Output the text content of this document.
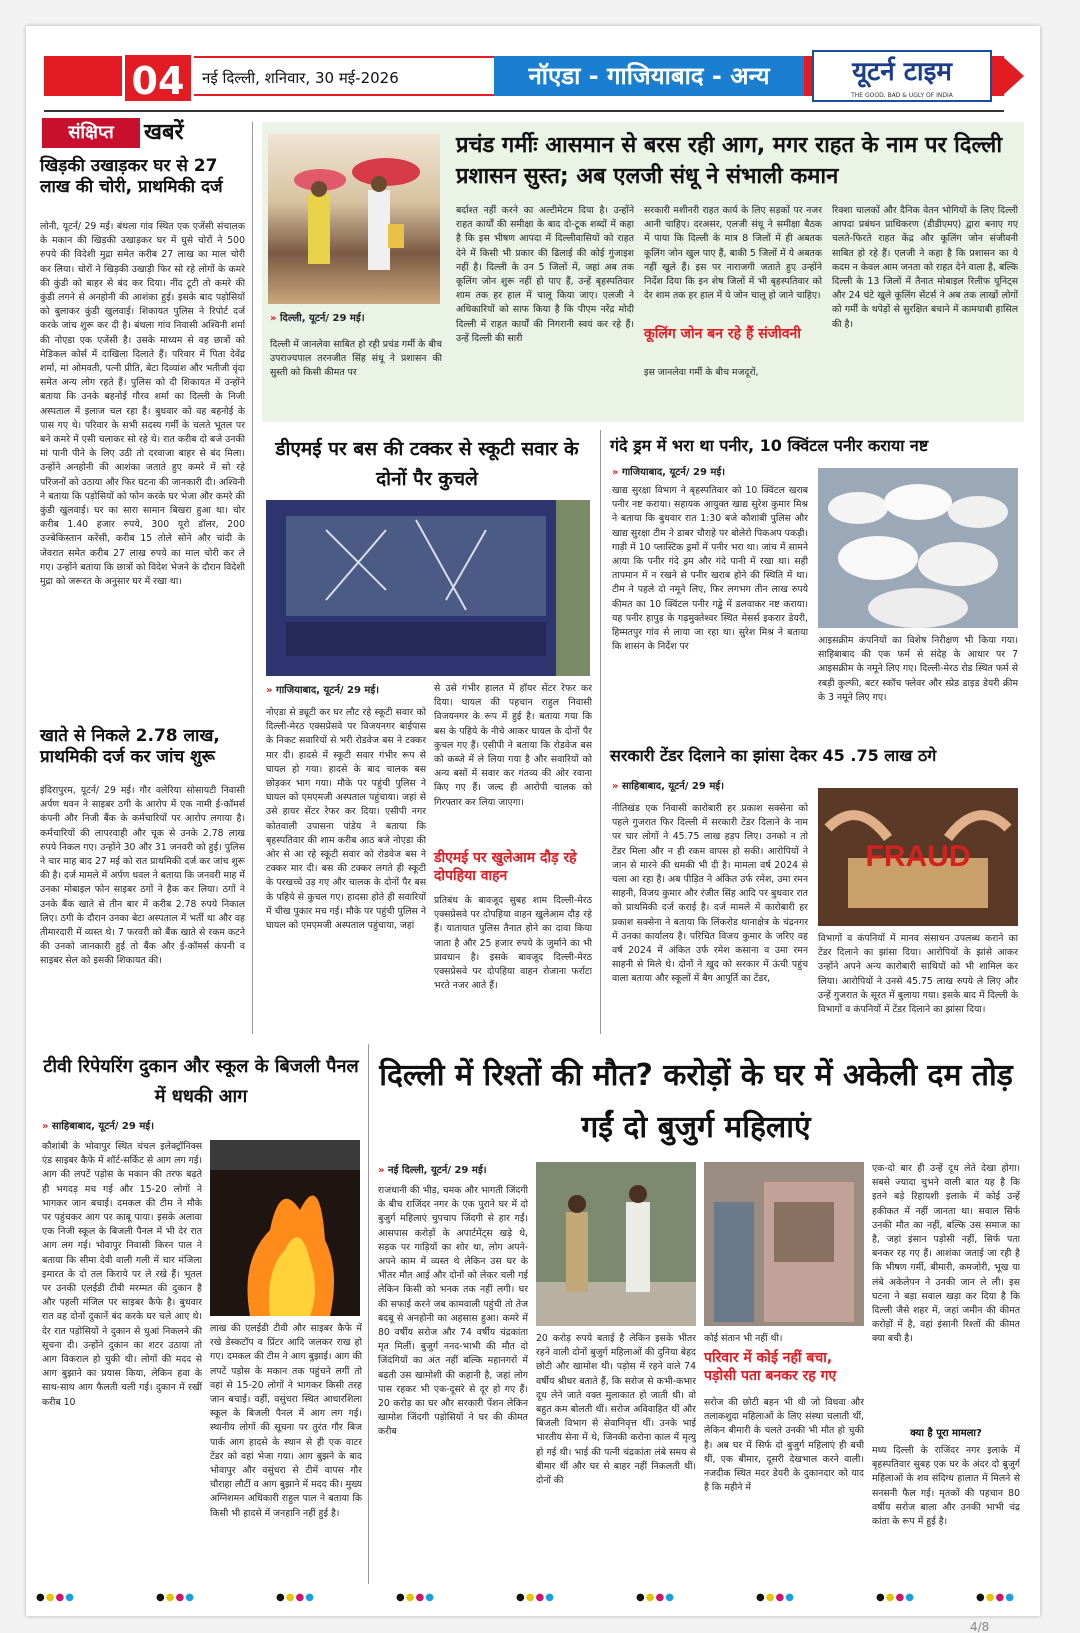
04	नई दिल्ली, शनिवार, 30 मई-2026	नॉएडा - गाजियाबाद - अन्य	यूटर्न टाइम
THE GOOD, BAD & UGLY OF INDIA
संक्षिप्त	खबरें
खिड़की उखाड़कर घर से 27 लाख की चोरी, प्राथमिकी दर्ज
लोनी, यूटर्न/ 29 मई। बंथला गांव स्थित एक एजेंसी संचालक के मकान की खिड़की उखाड़कर घर में घुसे चोरों ने 500 रुपये की विदेशी मुद्रा समेत करीब 27 लाख का माल चोरी कर लिया। चोरों ने खिड़की उखाड़ी फिर सो रहे लोगों के कमरे की कुंडी को बाहर से बंद कर दिया। नींद टूटी तो कमरे की कुंडी लगने से अनहोनी की आशंका हुई। इसके बाद पड़ोसियों को बुलाकर कुंडी खुलवाई। शिकायत पुलिस ने रिपोर्ट दर्ज करके जांच शुरू कर दी है। बंथला गांव निवासी अश्विनी शर्मा की नोएडा एक एजेंसी है। उसके माध्यम से वह छात्रों को मेडिकल कोर्स में दाखिला दिलाते हैं। परिवार में पिता देवेंद्र शर्मा, मां ओमवती, पत्नी प्रीति, बेटा दिव्यांश और भतीजी वृंदा समेत अन्य लोग रहते हैं। पुलिस को दी शिकायत में उन्होंने बताया कि उनके बहनोई गौरव शर्मा का दिल्ली के निजी अस्पताल में इलाज चल रहा है। बुधवार को वह बहनोई के पास गए थे। परिवार के सभी सदस्य गर्मी के चलते भूतल पर बने कमरे में एसी चलाकर सो रहे थे। रात करीब दो बजे उनकी मां पानी पीने के लिए उठी तो दरवाजा बाहर से बंद मिला। उन्होंने अनहोनी की आशंका जताते हुए कमरे में सो रहे परिजनों को उठाया और फिर घटना की जानकारी दी। अश्विनी ने बताया कि पड़ोसियों को फोन करके घर भेजा और कमरे की कुंडी खुलवाई। घर का सारा सामान बिखरा हुआ था। चोर करीब 1.40 हजार रुपये, 300 यूरो डॉलर, 200 उज्बेकिस्तान करेंसी, करीब 15 तोले सोने और चांदी के जेवरात समेत करीब 27 लाख रुपये का माल चोरी कर ले गए। उन्होंने बताया कि छात्रों को विदेश भेजने के दौरान विदेशी मुद्रा को जरूरत के अनुसार घर में रखा था।
खाते से निकले 2.78 लाख, प्राथमिकी दर्ज कर जांच शुरू
इंदिरापुरम, यूटर्न/ 29 मई। गौर वलेरिया सोसायटी निवासी अर्पण धवन ने साइबर ठगी के आरोप में एक नामी ई-कॉमर्स कंपनी और निजी बैंक के कर्मचारियों पर आरोप लगाया है। कर्मचारियों की लापरवाही और चूक से उनके 2.78 लाख रुपये निकल गए। उन्होंने 30 और 31 जनवरी को हुई। पुलिस ने चार माह बाद 27 मई को रात प्राथमिकी दर्ज कर जांच शुरू की है। दर्ज मामले में अर्पण धवल ने बताया कि जनवरी माह में उनका मोबाइल फोन साइबर ठगों ने हैक कर लिया। ठगों ने उनके बैंक खाते से तीन बार में करीब 2.78 रुपये निकाल लिए। ठगी के दौरान उनका बेटा अस्पताल में भर्ती था और वह तीमारदारी में व्यस्त थे। 7 फरवरी को बैंक खाते से रकम कटने की उनको जानकारी हुई तो बैंक और ई-कॉमर्स कंपनी व साइबर सेल को इसकी शिकायत की।
» दिल्ली, यूटर्न/ 29 मई।
दिल्ली में जानलेवा साबित हो रही प्रचंड गर्मी के बीच उपराज्यपाल तरनजीत सिंह संधू ने प्रशासन की सुस्ती को किसी कीमत पर
प्रचंड गर्मीः आसमान से बरस रही आग, मगर राहत के नाम पर दिल्ली प्रशासन सुस्त; अब एलजी संधू ने संभाली कमान
बर्दाश्त नहीं करने का अल्टीमेटम दिया है। उन्होंने राहत कार्यों की समीक्षा के बाद दो-टूक शब्दों में कहा है कि इस भीषण आपदा में दिल्लीवासियों को राहत देने में किसी भी प्रकार की ढिलाई की कोई गुंजाइश नहीं है। दिल्ली के उन 5 जिलों में, जहां अब तक कूलिंग जोन शुरू नहीं हो पाए हैं, उन्हें बृहस्पतिवार शाम तक हर हाल में चालू किया जाए। एलजी ने अधिकारियों को साफ किया है कि पीएम नरेंद्र मोदी दिल्ली में राहत कार्यों की निगरानी स्वयं कर रहे हैं। उन्हें दिल्ली की सारी
सरकारी मशीनरी राहत कार्य के लिए सड़कों पर नजर आनी चाहिए। दरअसर, एलजी संधू ने समीक्षा बैठक में पाया कि दिल्ली के मात्र 8 जिलों में ही अबतक कूलिंग जोन खुल पाए हैं, बाकी 5 जिलों में ये अबतक नहीं खुले हैं। इस पर नाराजगी जताते हुए उन्होंने निर्देश दिया कि इन शेष जिलों में भी बृहस्पतिवार को देर शाम तक हर हाल में ये जोन चालू हो जाने चाहिए।
कूलिंग जोन बन रहे हैं संजीवनी
इस जानलेवा गर्मी के बीच मजदूरों,
रिक्शा चालकों और दैनिक वेतन भोगियों के लिए दिल्ली आपदा प्रबंधन प्राधिकरण (डीडीएमए) द्वारा बनाए गए चलते-फिरते राहत केंद्र और कूलिंग जोन संजीवनी साबित हो रहे हैं। एलजी ने कहा है कि प्रशासन का ये कदम न केवल आम जनता को राहत देने वाला है, बल्कि दिल्ली के 13 जिलों में तैनात मोबाइल रिलीफ यूनिट्स और 24 घंटे खुले कूलिंग सेंटर्स ने अब तक लाखों लोगों को गर्मी के थपेड़ों से सुरक्षित बचाने में कामयाबी हासिल की है।
डीएमई पर बस की टक्कर से स्कूटी सवार के दोनों पैर कुचले
» गाजियाबाद, यूटर्न/ 29 मई।
नोएडा से ड्यूटी कर घर लौट रहे स्कूटी सवार को दिल्ली-मेरठ एक्सप्रेसवे पर विजयनगर बाईपास के निकट सवारियों से भरी रोडवेज बस ने टक्कर मार दी। हादसे में स्कूटी सवार गंभीर रूप से घायल हो गया। हादसे के बाद चालक बस छोड़कर भाग गया। मौके पर पहुंची पुलिस ने घायल को एमएमजी अस्पताल पहुंचाया। जहां से उसे हायर सेंटर रेफर कर दिया। एसीपी नगर कोतवाली उपासना पांडेय ने बताया कि बृहस्पतिवार की शाम करीब आठ बजे नोएडा की ओर से आ रहे स्कूटी सवार को रोडवेज बस ने टक्कर मार दी। बस की टक्कर लगते ही स्कूटी के परखच्चे उड़ गए और चालक के दोनों पैर बस के पहिये से कुचल गए। हादसा होते ही सवारियों में चीख पुकार मच गई। मौके पर पहुंची पुलिस ने घायल को एमएमजी अस्पताल पहुंचाया, जहां
से उसे गंभीर हालत में हॉयर सेंटर रेफर कर दिया। घायल की पहचान राहुल निवासी विजयनगर के रूप में हुई है। बताया गया कि बस के पहिये के नीचे आकर घायल के दोनों पैर कुचल गए हैं। एसीपी ने बताया कि रोडवेज बस को कब्जे में ले लिया गया है और सवारियों को अन्य बसों में सवार कर गंतव्य की ओर रवाना किए गए हैं। जल्द ही आरोपी चालक को गिरफ्तार कर लिया जाएगा।
डीएमई पर खुलेआम दौड़ रहे दोपहिया वाहन
प्रतिबंध के बावजूद सुबह शाम दिल्ली-मेरठ एक्सप्रेसवे पर दोपहिया वाहन खुलेआम दौड़ रहे हैं। यातायात पुलिस तैनात होने का दावा किया जाता है और 25 हजार रुपये के जुर्माने का भी प्रावधान है। इसके बावजूद दिल्ली-मेरठ एक्सप्रेसवे पर दोपहिया वाहन रोजाना फर्राटा भरते नजर आते हैं।
गंदे ड्रम में भरा था पनीर, 10 क्विंटल पनीर कराया नष्ट
» गाजियाबाद, यूटर्न/ 29 मई।
खाद्य सुरक्षा विभाग ने बृहस्पतिवार को 10 क्विंटल खराब पनीर नष्ट कराया। सहायक आयुक्त खाद्य सुरेश कुमार मिश्र ने बताया कि बुधवार रात 1:30 बजे कौशांबी पुलिस और खाद्य सुरक्षा टीम ने डाबर चौराहे पर बोलेरो पिकअप पकड़ी। गाड़ी में 10 प्लास्टिक ड्रमों में पनीर भरा था। जांच में सामने आया कि पनीर गंदे ड्रम और गंदे पानी में रखा था। सही तापमान में न रखने से पनीर खराब होने की स्थिति में था। टीम ने पहले दो नमूने लिए, फिर लगभग तीन लाख रुपये कीमत का 10 क्विंटल पनीर गड्ढे में डलवाकर नष्ट कराया। यह पनीर हापुड़ के गढ़मुक्तेश्वर स्थित मेसर्स इकरार डेयरी, हिम्मतपुर गांव से लाया जा रहा था। सुरेश मिश्र ने बताया कि शासन के निर्देश पर
आइसक्रीम कंपनियों का विशेष निरीक्षण भी किया गया। साहिबाबाद की एक फर्म से संदेह के आधार पर 7 आइसक्रीम के नमूने लिए गए। दिल्ली-मेरठ रोड स्थित फर्म से रबड़ी कुल्फी, बटर स्कॉच फ्लेवर और स्प्रेड डाइड डेयरी क्रीम के 3 नमूने लिए गए।
सरकारी टेंडर दिलाने का झांसा देकर 45 .75 लाख ठगे
» साहिबाबाद, यूटर्न/ 29 मई।
नीतिखंड एक निवासी कारोबारी हर प्रकाश सक्सेना को पहले गुजरात फिर दिल्ली में सरकारी टेंडर दिलाने के नाम पर चार लोगों ने 45.75 लाख हड़प लिए। उनको न तो टेंडर मिला और न ही रकम वापस हो सकी। आरोपियों ने जान से मारने की धमकी भी दी है। मामला वर्ष 2024 से चला आ रहा है। अब पीड़ित ने अंकित उर्फ रमेश, उमा रमन साहनी, विजय कुमार और रंजीत सिंह आदि पर बुधवार रात को प्राथमिकी दर्ज कराई है। दर्ज मामले में कारोबारी हर प्रकाश सक्सेना ने बताया कि लिंकरोड थानाक्षेत्र के चंद्रनगर में उनका कार्यालय है। परिचित विजय कुमार के जरिए वह वर्ष 2024 में अंकित उर्फ रमेश कसाना व उमा रमन साहनी से मिले थे। दोनों ने खुद को सरकार में ऊंची पहुंच वाला बताया और स्कूलों में बैग आपूर्ति का टेंडर,
FRAUD
विभागों व कंपनियों में मानव संसाधन उपलब्ध कराने का टेंडर दिलाने का झांसा दिया। आरोपियों के झांसे आकर उन्होंने अपने अन्य कारोबारी साथियों को भी शामिल कर लिया। आरोपियों ने उनसे 45.75 लाख रुपये ले लिए और उन्हें गुजरात के सूरत में बुलाया गया। इसके बाद में दिल्ली के विभागों व कंपनियों में टेंडर दिलाने का झांसा दिया।
टीवी रिपेयरिंग दुकान और स्कूल के बिजली पैनल में धधकी आग
» साहिबाबाद, यूटर्न/ 29 मई।
कौशांबी के भोवापुर स्थित चंचल इलेक्ट्रॉनिक्स एंड साइबर कैफे में शॉर्ट-सर्किट से आग लग गई। आग की लपटें पड़ोस के मकान की तरफ बढ़ते ही भगदड़ मच गई और 15-20 लोगों ने भागकर जान बचाई। दमकल की टीम ने मौके पर पहुंचकर आग पर काबू पाया। इसके अलावा एक निजी स्कूल के बिजली पैनल में भी देर रात आग लग गई। भोवापुर निवासी किरन पाल ने बताया कि सीमा देवी वाली गली में चार मंजिला इमारत के दो तल किराये पर ले रखे हैं। भूतल पर उनकी एलईडी टीवी मरम्मत की दुकान है और पहली मंजिल पर साइबर कैफे है। बुधवार रात वह दोनों दुकानें बंद करके घर चले आए थे। देर रात पड़ोसियों ने दुकान से धुआं निकलने की सूचना दी। उन्होंने दुकान का शटर उठाया तो आग विकराल हो चुकी थी। लोगों की मदद से आग बुझाने का प्रयास किया, लेकिन हवा के साथ-साथ आग फैलती चली गई। दुकान में रखीं करीब 10
लाख की एलईडी टीवी और साइबर कैफे में रखे डेस्कटॉप व प्रिंटर आदि जलकर राख हो गए। दमकल की टीम ने आग बुझाई। आग की लपटें पड़ोस के मकान तक पहुंचने लगीं तो वहां से 15-20 लोगों ने भागकर किसी तरह जान बचाई। वहीं, वसुंधरा स्थित आधारशिला स्कूल के बिजली पैनल में आग लग गई। स्थानीय लोगों की सूचना पर तुरंत गौर बिज पार्क आग हादसे के स्थान से ही एक वाटर टेंडर को वहां भेजा गया। आग बुझने के बाद भोवापुर और वसुंधरा से टीमें वापस गौर चौराहा लौटीं व आग बुझाने में मदद की। मुख्य अग्निशमन अधिकारी राहुल पाल ने बताया कि किसी भी हादसे में जनहानि नहीं हुई है।
दिल्ली में रिश्तों की मौत? करोड़ों के घर में अकेली दम तोड़ गईं दो बुजुर्ग महिलाएं
» नई दिल्ली, यूटर्न/ 29 मई।
राजधानी की भीड़, चमक और भागती जिंदगी के बीच राजिंदर नगर के एक पुराने घर में दो बुजुर्ग महिलाएं चुपचाप जिंदगी से हार गईं। आसपास करोड़ों के अपार्टमेंट्स खड़े थे, सड़क पर गाड़ियों का शोर था, लोग अपने-अपने काम में व्यस्त थे लेकिन उस घर के भीतर मौत आई और दोनों को लेकर चली गई लेकिन किसी को भनक तक नहीं लगी। घर की सफाई करने जब कामवाली पहुंची तो तेज बदबू से अनहोनी का अहसास हुआ। कमरे में 80 वर्षीय सरोज और 74 वर्षीय चंद्रकांता मृत मिलीं। बुजुर्ग ननद-भाभी की मौत दो जिंदगियों का अंत नहीं बल्कि महानगरों में बढ़ती उस खामोशी की कहानी है, जहां लोग पास रहकर भी एक-दूसरे से दूर हो गए हैं। 20 करोड़ का घर और सरकारी पेंशन लेकिन खामोश जिंदगी पड़ोसियों ने घर की कीमत करीब
20 करोड़ रुपये बताई है लेकिन इसके भीतर रहने वाली दोनों बुजुर्ग महिलाओं की दुनिया बेहद छोटी और खामोश थी। पड़ोस में रहने वाले 74 वर्षीय श्रीधर बताते हैं, कि सरोज से कभी-कभार दूध लेने जाते वक्त मुलाकात हो जाती थी। वो बहुत कम बोलती थीं। सरोज अविवाहित थीं और बिजली विभाग से सेवानिवृत्त थीं। उनके भाई भारतीय सेना में थे, जिनकी करोना काल में मृत्यु हो गई थी। भाई की पत्नी चंद्रकांता लंबे समय से बीमार थीं और घर से बाहर नहीं निकलती थीं। दोनों की
कोई संतान भी नहीं थी।
परिवार में कोई नहीं बचा, पड़ोसी पता बनकर रह गए
सरोज की छोटी बहन भी थी जो विधवा और तलाकशुदा महिलाओं के लिए संस्था चलाती थीं, लेकिन बीमारी के चलते उनकी भी मौत हो चुकी है। अब घर में सिर्फ दो बुजुर्ग महिलाएं ही बची थीं, एक बीमार, दूसरी देखभाल करने वाली। नजदीक स्थित मदर डेयरी के दुकानदार को याद है कि महीने में
एक-दो बार ही उन्हें दूध लेते देखा होगा। सबसे ज्यादा चुभने वाली बात यह है कि इतने बड़े रिहायशी इलाके में कोई उन्हें हकीकत में नहीं जानता था। सवाल सिर्फ उनकी मौत का नहीं, बल्कि उस समाज का है, जहां इंसान पड़ोसी नहीं, सिर्फ पता बनकर रह गए हैं। आशंका जताई जा रही है कि भीषण गर्मी, बीमारी, कमजोरी, भूख या लंबे अकेलेपन ने उनकी जान ले ली। इस घटना ने बड़ा सवाल खड़ा कर दिया है कि दिल्ली जैसे शहर में, जहां जमीन की कीमत करोड़ों में है, वहां इंसानी रिश्तों की कीमत क्या बची है।
क्या है पूरा मामला?
मध्य दिल्ली के राजिंदर नगर इलाके में बृहस्पतिवार सुबह एक घर के अंदर दो बुजुर्ग महिलाओं के शव संदिग्ध हालात में मिलने से सनसनी फैल गई। मृतकों की पहचान 80 वर्षीय सरोज बाला और उनकी भाभी चंद्र कांता के रूप में हुई है।
●●●●	●●●●	●●●●	●●●●	●●●●	●●●●	●●●●	●●●●	●●●●
4/8
